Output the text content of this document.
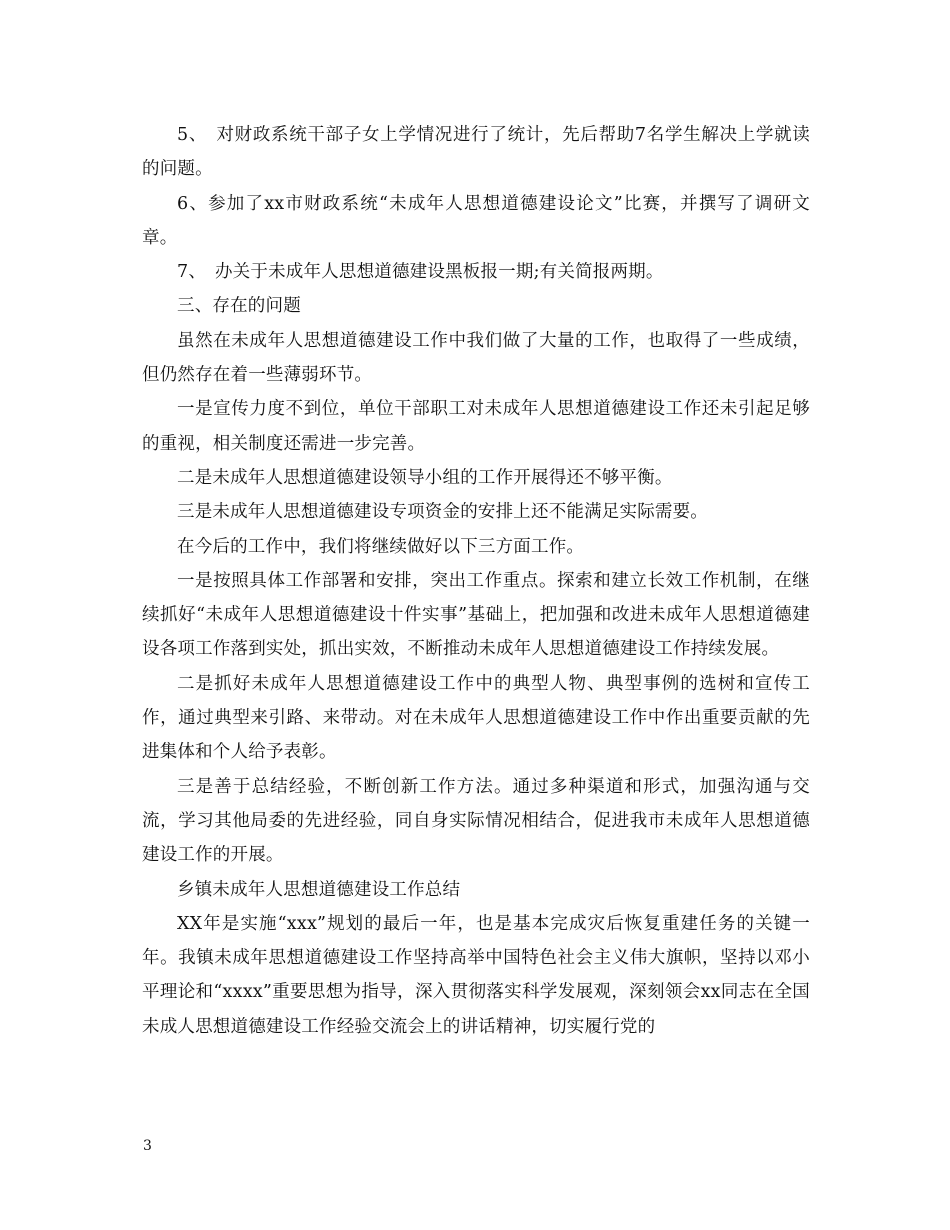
5、　对财政系统干部子女上学情况进行了统计，先后帮助7名学生解决上学就读的问题。

6、参加了xx市财政系统“未成年人思想道德建设论文”比赛，并撰写了调研文章。

7、　办关于未成年人思想道德建设黑板报一期;有关简报两期。

三、存在的问题

虽然在未成年人思想道德建设工作中我们做了大量的工作，也取得了一些成绩，但仍然存在着一些薄弱环节。

一是宣传力度不到位，单位干部职工对未成年人思想道德建设工作还未引起足够的重视，相关制度还需进一步完善。

二是未成年人思想道德建设领导小组的工作开展得还不够平衡。

三是未成年人思想道德建设专项资金的安排上还不能满足实际需要。

在今后的工作中，我们将继续做好以下三方面工作。

一是按照具体工作部署和安排，突出工作重点。探索和建立长效工作机制，在继续抓好“未成年人思想道德建设十件实事”基础上，把加强和改进未成年人思想道德建设各项工作落到实处，抓出实效，不断推动未成年人思想道德建设工作持续发展。

二是抓好未成年人思想道德建设工作中的典型人物、典型事例的选树和宣传工作，通过典型来引路、来带动。对在未成年人思想道德建设工作中作出重要贡献的先进集体和个人给予表彰。

三是善于总结经验，不断创新工作方法。通过多种渠道和形式，加强沟通与交流，学习其他局委的先进经验，同自身实际情况相结合，促进我市未成年人思想道德建设工作的开展。

乡镇未成年人思想道德建设工作总结

XX年是实施“xxx”规划的最后一年，也是基本完成灾后恢复重建任务的关键一年。我镇未成年思想道德建设工作坚持高举中国特色社会主义伟大旗帜，坚持以邓小平理论和“xxxx”重要思想为指导，深入贯彻落实科学发展观，深刻领会xx同志在全国未成人思想道德建设工作经验交流会上的讲话精神，切实履行党的

3
